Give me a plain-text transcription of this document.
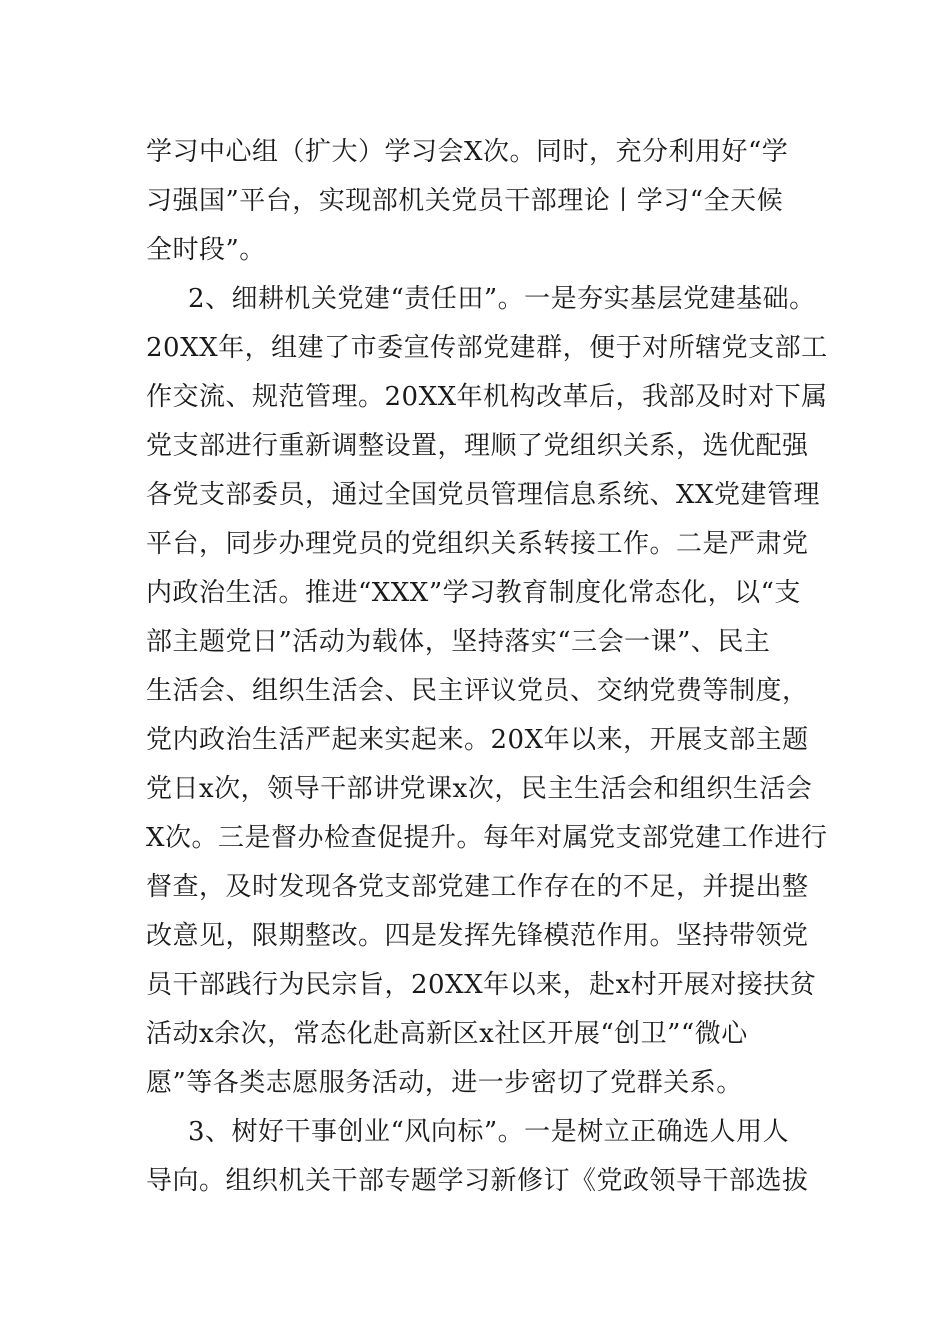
学习中心组（扩大）学习会X次。同时，充分利用好“学
习强国”平台，实现部机关党员干部理论丨学习“全天候
全时段”。
2、细耕机关党建“责任田”。一是夯实基层党建基础。
20XX年，组建了市委宣传部党建群，便于对所辖党支部工
作交流、规范管理。20XX年机构改革后，我部及时对下属
党支部进行重新调整设置，理顺了党组织关系，选优配强
各党支部委员，通过全国党员管理信息系统、XX党建管理
平台，同步办理党员的党组织关系转接工作。二是严肃党
内政治生活。推进“XXX”学习教育制度化常态化，以“支
部主题党日”活动为载体，坚持落实“三会一课”、民主
生活会、组织生活会、民主评议党员、交纳党费等制度，
党内政治生活严起来实起来。20X年以来，开展支部主题
党日x次，领导干部讲党课x次，民主生活会和组织生活会
X次。三是督办检查促提升。每年对属党支部党建工作进行
督查，及时发现各党支部党建工作存在的不足，并提出整
改意见，限期整改。四是发挥先锋模范作用。坚持带领党
员干部践行为民宗旨，20XX年以来，赴x村开展对接扶贫
活动x余次，常态化赴高新区x社区开展“创卫”“微心
愿”等各类志愿服务活动，进一步密切了党群关系。
3、树好干事创业“风向标”。一是树立正确选人用人
导向。组织机关干部专题学习新修订《党政领导干部选拔
